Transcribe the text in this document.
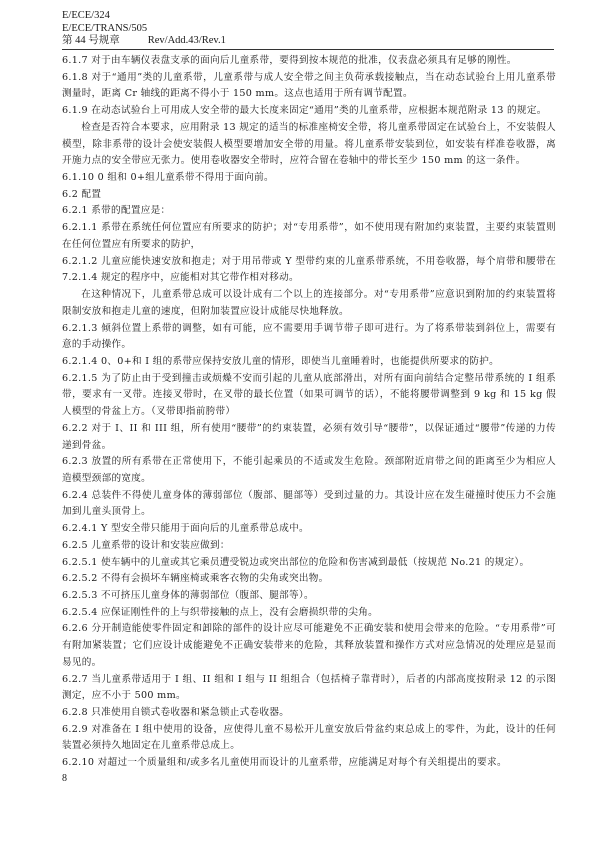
E/ECE/324
E/ECE/TRANS/505
第 44 号规章	Rev/Add.43/Rev.1

6.1.7 对于由车辆仪表盘支承的面向后儿童系带，要得到按本规范的批准，仪表盘必须具有足够的刚性。

6.1.8 对于“通用”类的儿童系带，儿童系带与成人安全带之间主负荷承载接触点，当在动态试验台上用儿童系带测量时，距离 Cr 轴线的距离不得小于 150 mm。这点也适用于所有调节配置。

6.1.9 在动态试验台上可用成人安全带的最大长度来固定“通用”类的儿童系带，应根据本规范附录 13 的规定。

检查是否符合本要求，应用附录 13 规定的适当的标准座椅安全带，将儿童系带固定在试验台上，不安装假人模型，除非系带的设计会使安装假人模型要增加安全带的用量。将儿童系带安装到位，如安装有样准卷收器，离开施力点的安全带应无张力。使用卷收器安全带时，应符合留在卷轴中的带长至少 150 mm 的这一条件。

6.1.10 0 组和 0+组儿童系带不得用于面向前。

6.2 配置

6.2.1 系带的配置应是：

6.2.1.1 系带在系统任何位置应有所要求的防护；对“专用系带”，如不使用现有附加约束装置，主要约束装置则在任何位置应有所要求的防护，

6.2.1.2 儿童应能快速安放和抱走；对于用吊带或 Y 型带约束的儿童系带系统，不用卷收器，每个肩带和腰带在 7.2.1.4 规定的程序中，应能相对其它带作相对移动。

在这种情况下，儿童系带总成可以设计成有二个以上的连接部分。对“专用系带”应意识到附加的约束装置将限制安放和抱走儿童的速度，但附加装置应设计成能尽快地释放。

6.2.1.3 倾斜位置上系带的调整，如有可能，应不需要用手调节带子即可进行。为了将系带装到斜位上，需要有意的手动操作。

6.2.1.4 0、0+和 I 组的系带应保持安放儿童的情形，即使当儿童睡着时，也能提供所要求的防护。

6.2.1.5 为了防止由于受到撞击或烦燥不安而引起的儿童从底部滑出，对所有面向前结合定整吊带系统的 I 组系带，要求有一叉带。连接叉带时，在叉带的最长位置（如果可调节的话），不能将腰带调整到 9 kg 和 15 kg 假人模型的骨盆上方。（叉带即指前胯带）

6.2.2 对于 I、II 和 III 组，所有使用“腰带”的约束装置，必须有效引导“腰带”，以保证通过“腰带”传递的力传递到骨盆。

6.2.3 放置的所有系带在正常使用下，不能引起乘员的不适或发生危险。颈部附近肩带之间的距离至少为相应人造模型颈部的宽度。

6.2.4 总装件不得使儿童身体的薄弱部位（腹部、腿部等）受到过量的力。其设计应在发生碰撞时使压力不会施加到儿童头顶骨上。

6.2.4.1 Y 型安全带只能用于面向后的儿童系带总成中。

6.2.5 儿童系带的设计和安装应做到：

6.2.5.1 使车辆中的儿童或其它乘员遭受锐边或突出部位的危险和伤害减到最低（按规范 No.21 的规定）。

6.2.5.2 不得有会损坏车辆座椅或乘客衣物的尖角或突出物。

6.2.5.3 不可挤压儿童身体的薄弱部位（腹部、腿部等）。

6.2.5.4 应保证刚性件的上与织带接触的点上，没有会磨损织带的尖角。

6.2.6 分开制造能使零件固定和卸除的部件的设计应尽可能避免不正确安装和使用会带来的危险。“专用系带”可有附加紧装置；它们应设计成能避免不正确安装带来的危险，其释放装置和操作方式对应急情况的处理应是显而易见的。

6.2.7 当儿童系带适用于 I 组、II 组和 I 组与 II 组组合（包括椅子靠背时），后者的内部高度按附录 12 的示图测定，应不小于 500 mm。

6.2.8 只准使用自锁式卷收器和紧急锁止式卷收器。

6.2.9 对准备在 I 组中使用的设备，应使得儿童不易松开儿童安放后骨盆约束总成上的零件，为此，设计的任何装置必须持久地固定在儿童系带总成上。

6.2.10 对超过一个质量组和/或多名儿童使用而设计的儿童系带，应能满足对每个有关组提出的要求。

8
